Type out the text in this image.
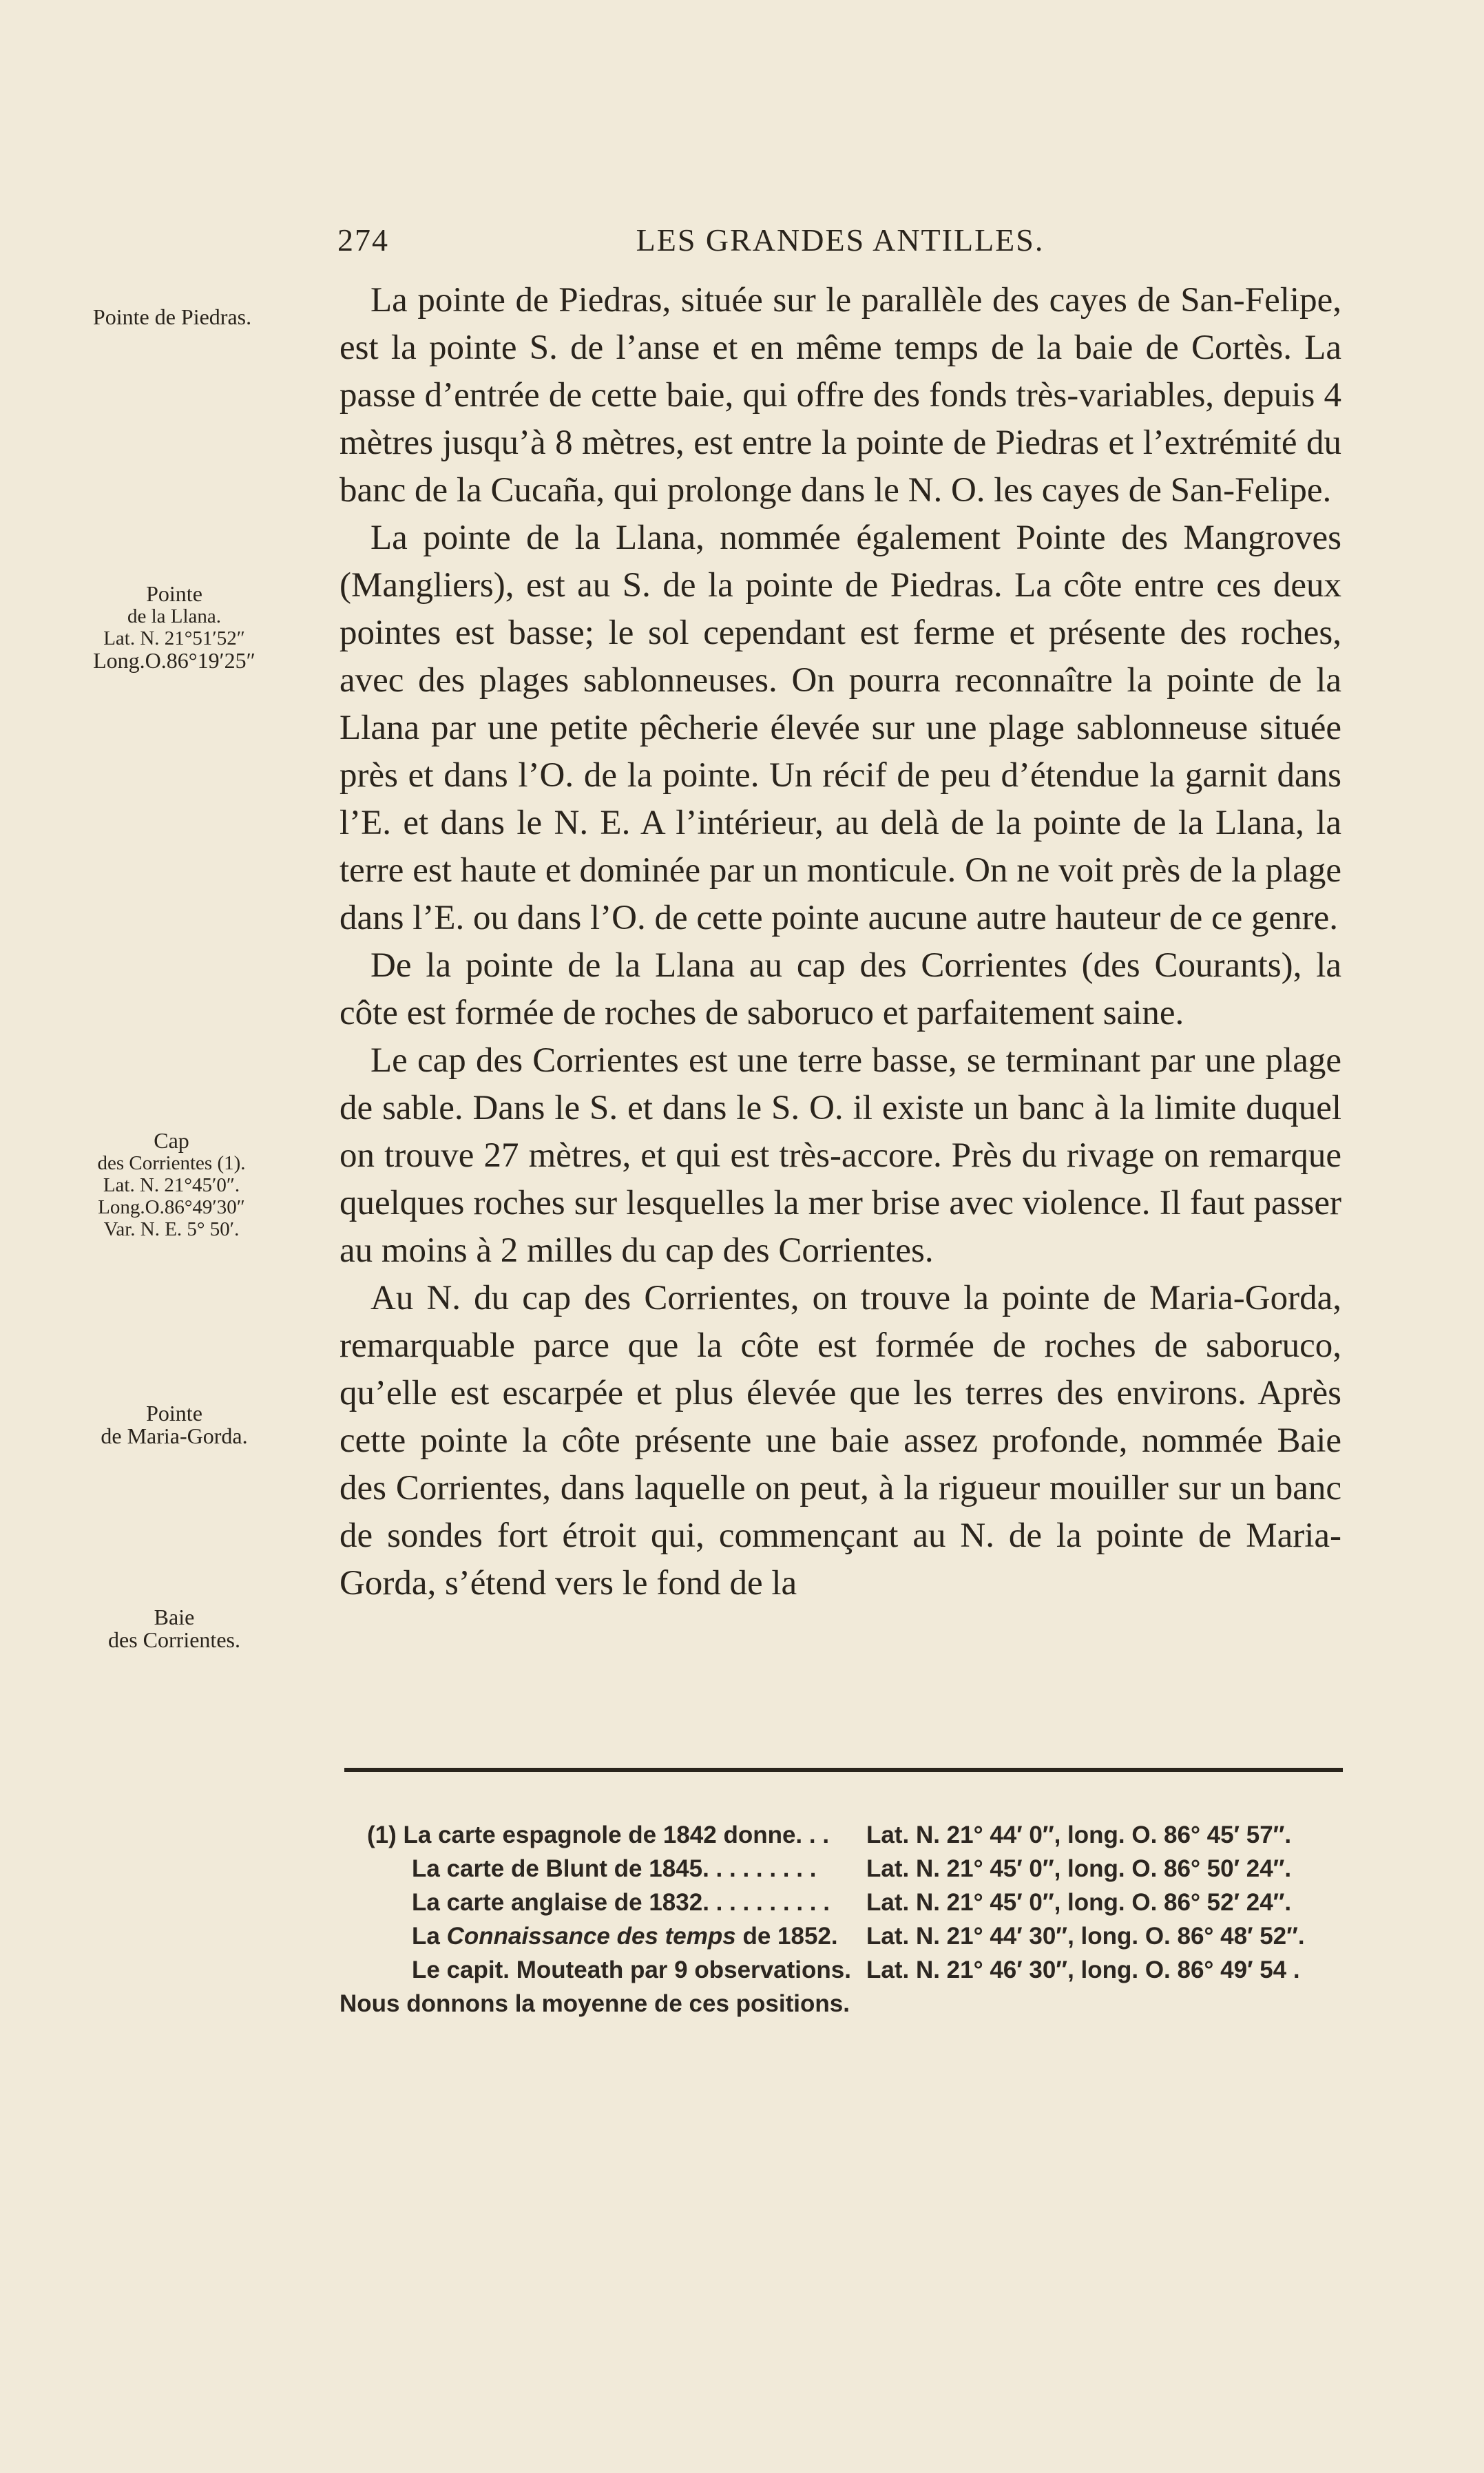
274	LES GRANDES ANTILLES.
Pointe de Piedras.
Pointe
de la Llana.
Lat. N. 21°51′52″
Long.O.86°19′25″
Cap
des Corrientes (1).
Lat. N. 21°45′0″.
Long.O.86°49′30″
Var. N. E. 5° 50′.
Pointe
de Maria-Gorda.
Baie
des Corrientes.

La pointe de Piedras, située sur le parallèle des cayes de San-Felipe, est la pointe S. de l’anse et en même temps de la baie de Cortès. La passe d’entrée de cette baie, qui offre des fonds très-variables, depuis 4 mètres jusqu’à 8 mètres, est entre la pointe de Piedras et l’extrémité du banc de la Cucaña, qui prolonge dans le N. O. les cayes de San-Felipe.

La pointe de la Llana, nommée également Pointe des Mangroves (Mangliers), est au S. de la pointe de Piedras. La côte entre ces deux pointes est basse; le sol cependant est ferme et présente des roches, avec des plages sablonneuses. On pourra reconnaître la pointe de la Llana par une petite pêcherie élevée sur une plage sablonneuse située près et dans l’O. de la pointe. Un récif de peu d’étendue la garnit dans l’E. et dans le N. E. A l’intérieur, au delà de la pointe de la Llana, la terre est haute et dominée par un monticule. On ne voit près de la plage dans l’E. ou dans l’O. de cette pointe aucune autre hauteur de ce genre.

De la pointe de la Llana au cap des Corrientes (des Courants), la côte est formée de roches de saboruco et parfaitement saine.

Le cap des Corrientes est une terre basse, se terminant par une plage de sable. Dans le S. et dans le S. O. il existe un banc à la limite duquel on trouve 27 mètres, et qui est très-accore. Près du rivage on remarque quelques roches sur lesquelles la mer brise avec violence. Il faut passer au moins à 2 milles du cap des Corrientes.

Au N. du cap des Corrientes, on trouve la pointe de Maria-Gorda, remarquable parce que la côte est formée de roches de saboruco, qu’elle est escarpée et plus élevée que les terres des environs. Après cette pointe la côte présente une baie assez profonde, nommée Baie des Corrientes, dans laquelle on peut, à la rigueur mouiller sur un banc de sondes fort étroit qui, commençant au N. de la pointe de Maria-Gorda, s’étend vers le fond de la

(1) La carte espagnole de 1842 donne. . .	Lat. N. 21° 44′ 0″, long. O. 86° 45′ 57″.
La carte de Blunt de 1845. . . . . . . . .	Lat. N. 21° 45′ 0″, long. O. 86° 50′ 24″.
La carte anglaise de 1832. . . . . . . . . .	Lat. N. 21° 45′ 0″, long. O. 86° 52′ 24″.
La Connaissance des temps de 1852.	Lat. N. 21° 44′ 30″, long. O. 86° 48′ 52″.
Le capit. Mouteath par 9 observations. Lat. N. 21° 46′ 30″, long. O. 86° 49′ 54 .
Nous donnons la moyenne de ces positions.
